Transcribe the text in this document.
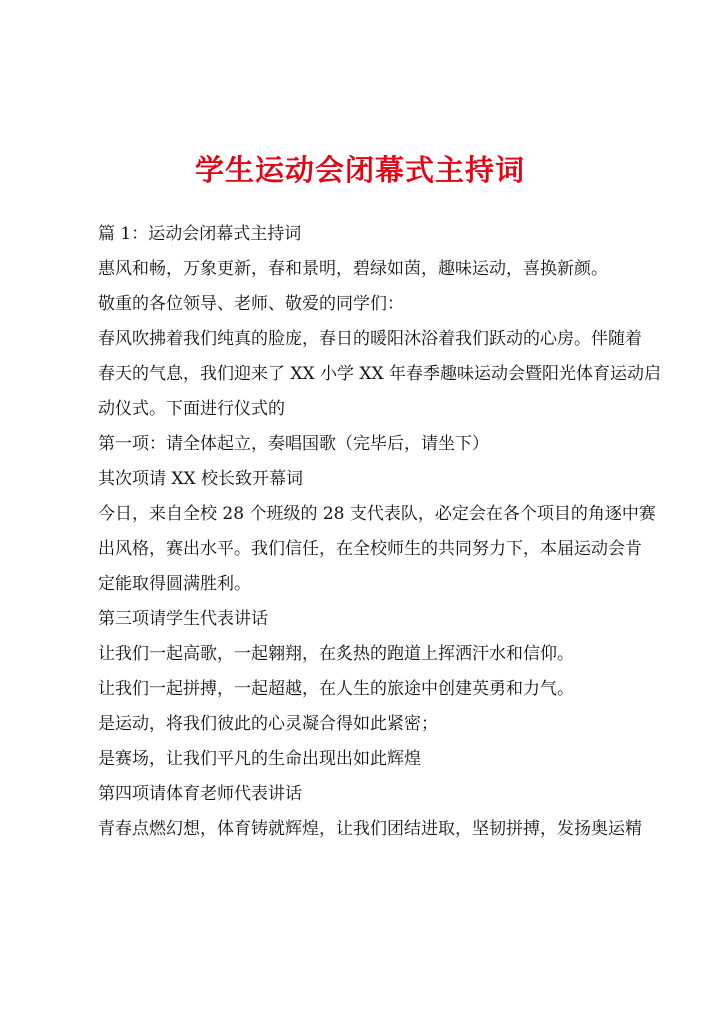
学生运动会闭幕式主持词

篇 1：运动会闭幕式主持词

惠风和畅，万象更新，春和景明，碧绿如茵，趣味运动，喜换新颜。

敬重的各位领导、老师、敬爱的同学们：

春风吹拂着我们纯真的脸庞，春日的暖阳沐浴着我们跃动的心房。伴随着
春天的气息，我们迎来了 XX 小学 XX 年春季趣味运动会暨阳光体育运动启
动仪式。下面进行仪式的

第一项：请全体起立，奏唱国歌（完毕后，请坐下）

其次项请 XX 校长致开幕词

今日，来自全校 28 个班级的 28 支代表队，必定会在各个项目的角逐中赛
出风格，赛出水平。我们信任，在全校师生的共同努力下，本届运动会肯
定能取得圆满胜利。

第三项请学生代表讲话

让我们一起高歌，一起翱翔，在炙热的跑道上挥洒汗水和信仰。

让我们一起拼搏，一起超越，在人生的旅途中创建英勇和力气。

是运动，将我们彼此的心灵凝合得如此紧密；

是赛场，让我们平凡的生命出现出如此辉煌

第四项请体育老师代表讲话

青春点燃幻想，体育铸就辉煌，让我们团结进取，坚韧拼搏，发扬奥运精
